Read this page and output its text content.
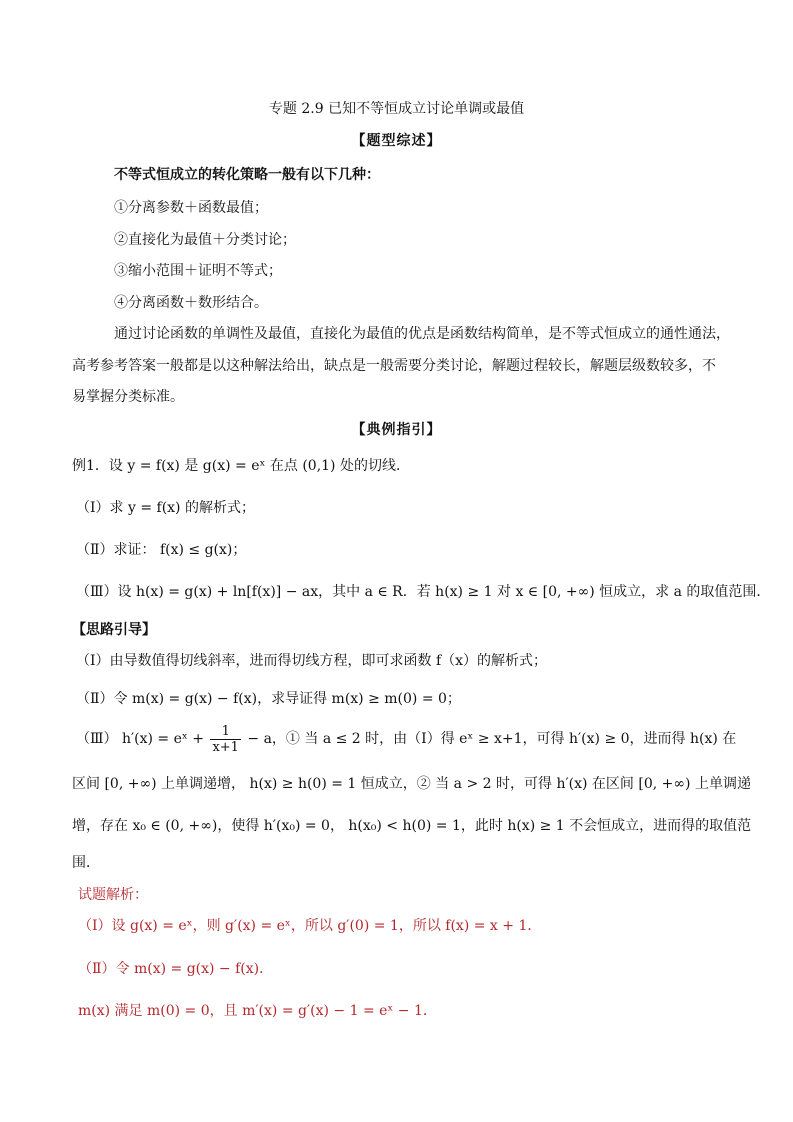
专题 2.9 已知不等恒成立讨论单调或最值
【题型综述】
不等式恒成立的转化策略一般有以下几种：
①分离参数＋函数最值；
②直接化为最值＋分类讨论；
③缩小范围＋证明不等式；
④分离函数＋数形结合。
通过讨论函数的单调性及最值，直接化为最值的优点是函数结构简单，是不等式恒成立的通性通法，
高考参考答案一般都是以这种解法给出，缺点是一般需要分类讨论，解题过程较长，解题层级数较多，不
易掌握分类标准。
【典例指引】
例1．设 y = f(x) 是 g(x) = eˣ 在点 (0,1) 处的切线．
（Ⅰ）求 y = f(x) 的解析式；
（Ⅱ）求证： f(x) ≤ g(x)；
（Ⅲ）设 h(x) = g(x) + ln[f(x)] − ax，其中 a ∈ R．若 h(x) ≥ 1 对 x ∈ [0, +∞) 恒成立，求 a 的取值范围．
【思路引导】
（Ⅰ）由导数值得切线斜率，进而得切线方程，即可求函数 f（x）的解析式；
（Ⅱ）令 m(x) = g(x) − f(x)，求导证得 m(x) ≥ m(0) = 0；
（Ⅲ） h′(x) = eˣ + $\frac{1}{x+1} - a$，① 当 a ≤ 2 时，由（Ⅰ）得 eˣ ≥ x+1，可得 h′(x) ≥ 0，进而得 h(x) 在
区间 [0, +∞) 上单调递增， h(x) ≥ h(0) = 1 恒成立，② 当 a > 2 时，可得 h′(x) 在区间 [0, +∞) 上单调递
增，存在 x₀ ∈ (0, +∞)，使得 h′(x₀) = 0， h(x₀) < h(0) = 1，此时 h(x) ≥ 1 不会恒成立，进而得的取值范
围．
试题解析：
（Ⅰ）设 g(x) = eˣ，则 g′(x) = eˣ，所以 g′(0) = 1，所以 f(x) = x + 1．
（Ⅱ）令 m(x) = g(x) − f(x)．
m(x) 满足 m(0) = 0，且 m′(x) = g′(x) − 1 = eˣ − 1．
